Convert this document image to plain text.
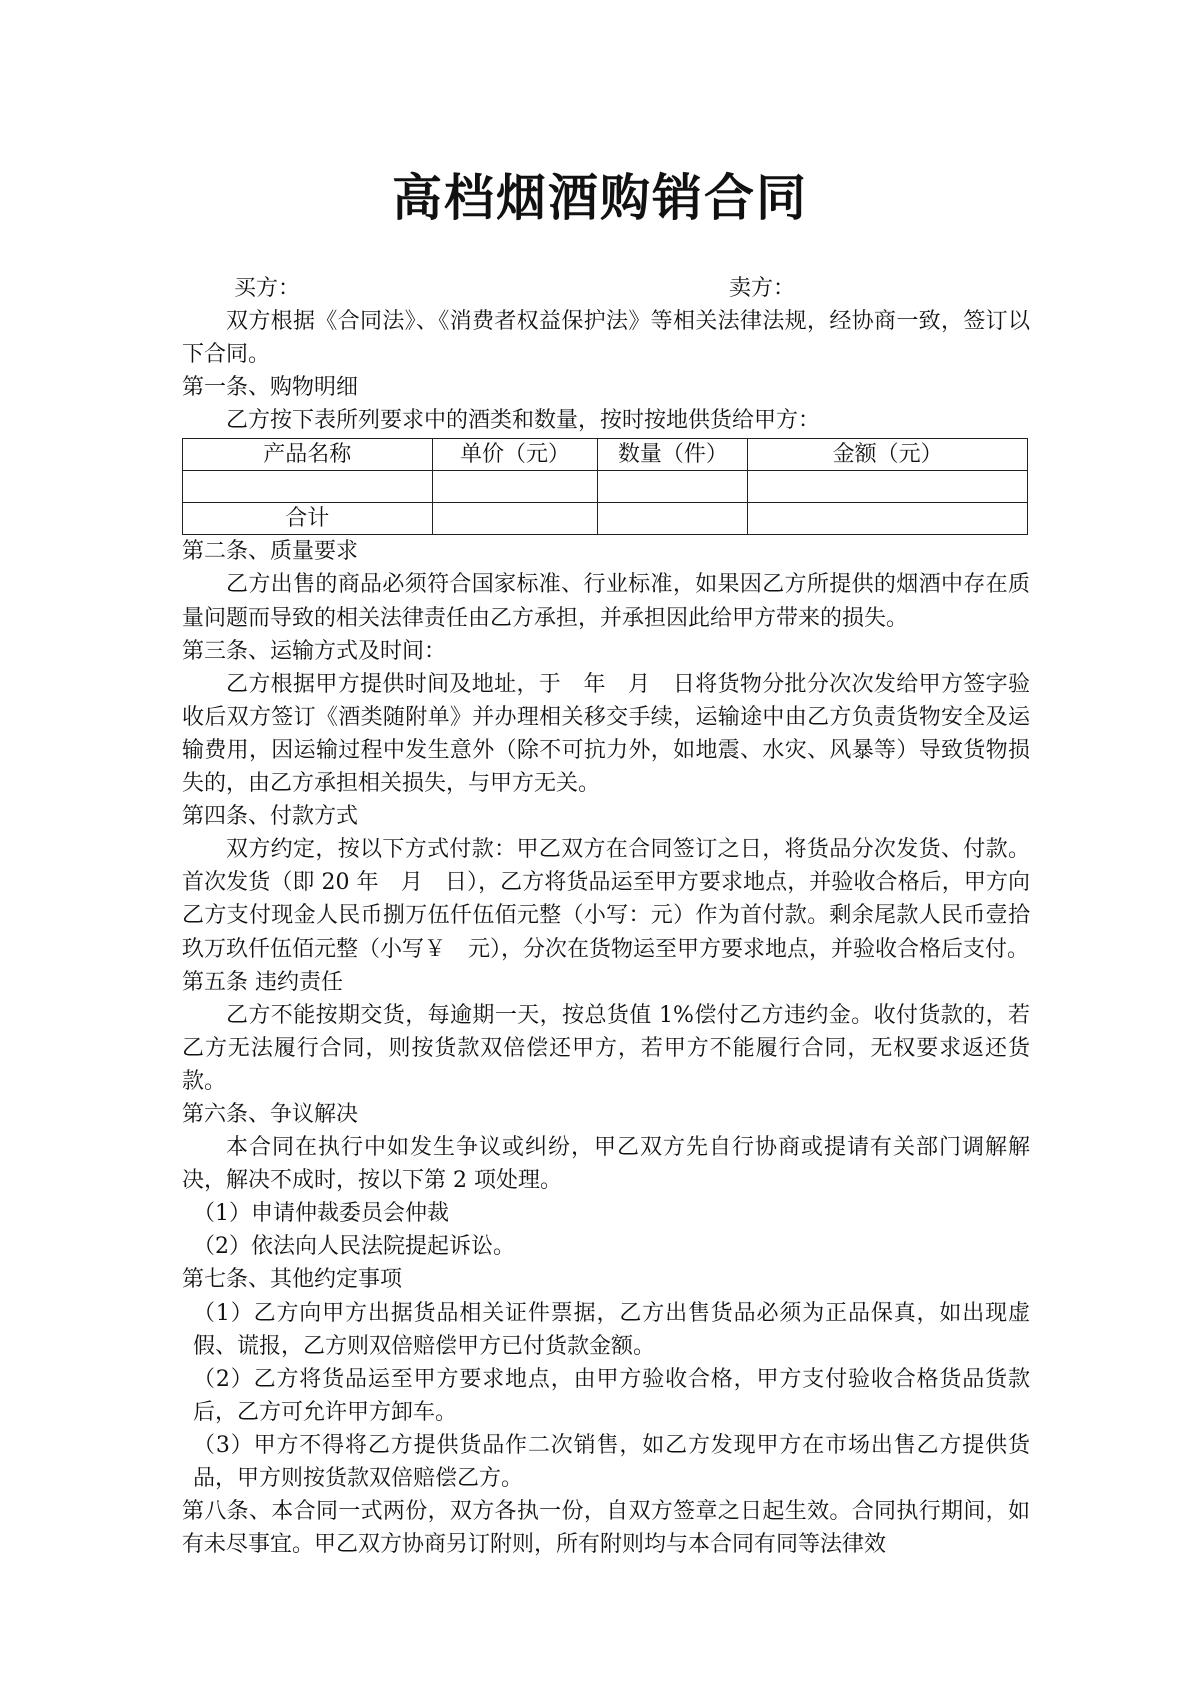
高档烟酒购销合同
买方：	卖方：

双方根据《合同法》、《消费者权益保护法》等相关法律法规，经协商一致，签订以下合同。

第一条、购物明细

乙方按下表所列要求中的酒类和数量，按时按地供货给甲方：

产品名称	单价（元）	数量（件）	金额（元）

合计			

第二条、质量要求

乙方出售的商品必须符合国家标准、行业标准，如果因乙方所提供的烟酒中存在质量问题而导致的相关法律责任由乙方承担，并承担因此给甲方带来的损失。

第三条、运输方式及时间：

乙方根据甲方提供时间及地址，于　年　月　日将货物分批分次次发给甲方签字验收后双方签订《酒类随附单》并办理相关移交手续，运输途中由乙方负责货物安全及运输费用，因运输过程中发生意外（除不可抗力外，如地震、水灾、风暴等）导致货物损失的，由乙方承担相关损失，与甲方无关。

第四条、付款方式

双方约定，按以下方式付款：甲乙双方在合同签订之日，将货品分次发货、付款。首次发货（即 20 年　月　日），乙方将货品运至甲方要求地点，并验收合格后，甲方向乙方支付现金人民币捌万伍仟伍佰元整（小写：元）作为首付款。剩余尾款人民币壹拾玖万玖仟伍佰元整（小写￥　元），分次在货物运至甲方要求地点，并验收合格后支付。

第五条 违约责任

乙方不能按期交货，每逾期一天，按总货值 1%偿付乙方违约金。收付货款的，若乙方无法履行合同，则按货款双倍偿还甲方，若甲方不能履行合同，无权要求返还货款。

第六条、争议解决

本合同在执行中如发生争议或纠纷，甲乙双方先自行协商或提请有关部门调解解决，解决不成时，按以下第 2 项处理。

（1）申请仲裁委员会仲裁

（2）依法向人民法院提起诉讼。

第七条、其他约定事项

（1）乙方向甲方出据货品相关证件票据，乙方出售货品必须为正品保真，如出现虚假、谎报，乙方则双倍赔偿甲方已付货款金额。

（2）乙方将货品运至甲方要求地点，由甲方验收合格，甲方支付验收合格货品货款后，乙方可允许甲方卸车。

（3）甲方不得将乙方提供货品作二次销售，如乙方发现甲方在市场出售乙方提供货品，甲方则按货款双倍赔偿乙方。

第八条、本合同一式两份，双方各执一份，自双方签章之日起生效。合同执行期间，如有未尽事宜。甲乙双方协商另订附则，所有附则均与本合同有同等法律效
